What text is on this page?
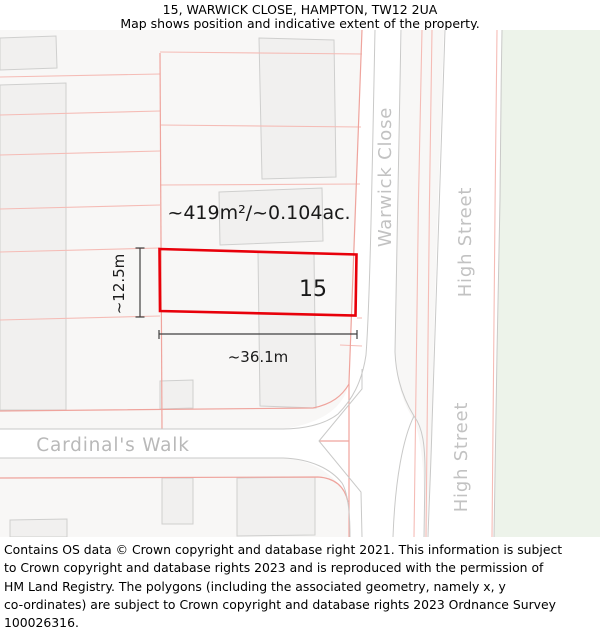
15, WARWICK CLOSE, HAMPTON, TW12 2UA
Map shows position and indicative extent of the property.
Warwick Close	High Street
High Street
Cardinal's Walk
~12.5m
~36.1m
~419m²/~0.104ac.
15
Contains OS data © Crown copyright and database right 2021. This information is subject
to Crown copyright and database rights 2023 and is reproduced with the permission of
HM Land Registry. The polygons (including the associated geometry, namely x, y
co-ordinates) are subject to Crown copyright and database rights 2023 Ordnance Survey
100026316.
